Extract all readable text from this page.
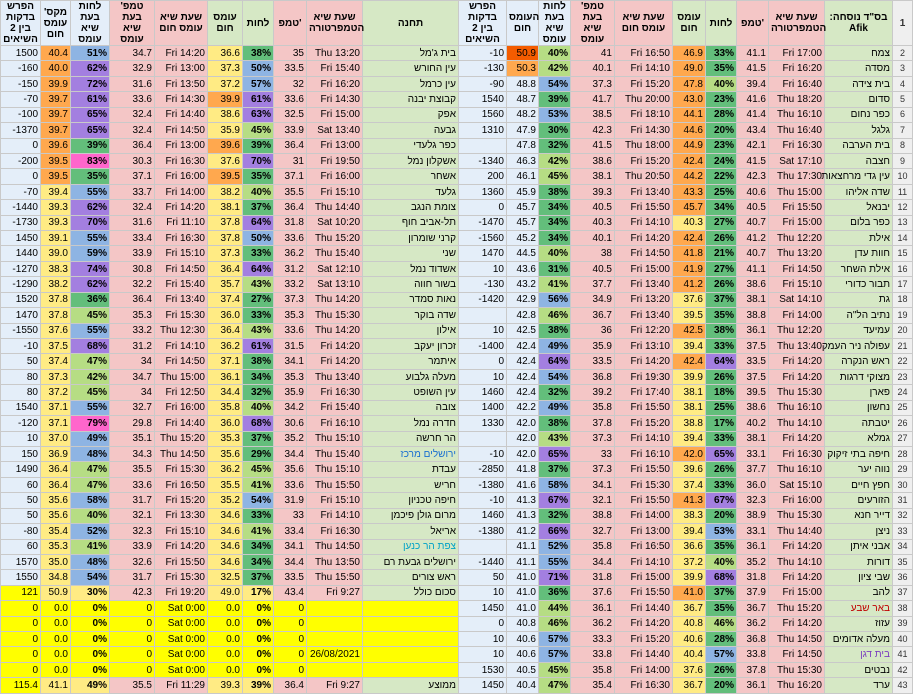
הפרש בדקות בין 2 השיאים	מקס' עומס חום	לחות בעת שיא עומס	טמפ' בעת שיא עומס	שעת שיא עומס חום	עומס חום	לחות	טמפ'	שעת שיא הטמפרטורה	תחנה	הפרש בדקות בין 2 השיאים	העומס חום	לחות בעת שיא עומס	טמפ' בעת שיא עומס	שעת שיא עומס חום	עומס חום	לחות	טמפ'	שעת שיא הטמפרטורה	בס"ד נוסחה: Afik	1
1500	40.4	51%	34.7	Fri 14:20	36.6	38%	35	Thu 13:20	בית ג'מל	-10	50.9	40%	41	Fri 16:50	46.9	33%	41.1	Fri 17:00	צמח	2
-160	40.0	62%	32.9	Fri 13:00	37.3	50%	33.5	Fri 15:40	עין החורש	-130	50.3	42%	40.1	Fri 14:10	49.0	35%	41.5	Fri 16:20	מסדה	3
-150	39.9	72%	31.6	Fri 13:50	37.2	57%	32	Fri 16:20	עין כרמל	-90	48.8	54%	37.3	Fri 15:20	47.8	40%	39.4	Fri 16:40	בית צידה	4
-70	39.7	61%	33.6	Fri 14:30	39.9	61%	33.6	Fri 14:30	קבוצת יבנה	1540	48.7	39%	41.7	Thu 20:00	43.0	23%	41.6	Thu 18:20	סדום	5
-100	39.7	65%	32.4	Fri 14:40	38.6	63%	32.5	Fri 15:00	אפק	1560	48.2	53%	38.5	Fri 18:10	44.1	28%	41.4	Thu 16:10	כפר נחום	6
-1370	39.7	65%	32.4	Fri 14:50	35.9	45%	33.9	Sat 13:40	גבעה	1310	47.9	30%	42.3	Fri 14:30	44.6	20%	43.4	Thu 16:40	גלגל	7
0	39.6	39%	36.4	Fri 13:00	39.6	39%	36.4	Fri 13:00	כפר גלעדי		47.8	32%	41.5	Thu 18:00	44.9	23%	42.1	Fri 16:30	בית הערבה	8
-200	39.5	83%	30.3	Fri 16:30	37.6	70%	31	Fri 19:50	אשקלון נמל	-1340	46.3	42%	38.6	Fri 15:20	42.4	24%	41.5	Sat 17:10	חצבה	9
0	39.5	35%	37.1	Fri 16:00	39.5	35%	37.1	Fri 16:00	אשחר	200	46.1	45%	38.1	Thu 20:50	44.2	22%	42.3	Thu 17:30	עין גדי מרחצאות	10
-70	39.4	55%	33.7	Fri 14:00	38.2	40%	35.5	Fri 15:10	גלעד	1360	45.9	38%	39.3	Fri 13:40	43.3	25%	40.6	Thu 15:00	שדה אליהו	11
-1440	39.3	62%	32.4	Fri 14:20	38.1	37%	36.4	Thu 14:40	צומת הנגב	0	45.7	34%	40.5	Fri 15:50	45.7	34%	40.5	Fri 15:50	יבנאל	12
-1730	39.3	70%	31.6	Fri 11:10	37.8	64%	31.8	Sat 10:20	תל-אביב חוף	-1470	45.7	34%	40.3	Fri 14:10	40.3	27%	40.7	Fri 15:00	כפר בלום	13
1450	39.1	55%	33.4	Fri 16:30	37.8	50%	33.6	Thu 15:20	קרני שומרון	-1560	45.2	34%	40.1	Fri 14:20	42.4	26%	41.2	Thu 12:20	אילת	14
1440	39.0	59%	33.9	Fri 15:10	37.3	33%	36.2	Thu 15:40	שני	1470	44.5	40%	38	Fri 14:50	41.8	21%	40.7	Thu 13:20	חוות עדן	15
-1270	38.3	74%	30.8	Fri 14:50	36.4	64%	31.2	Sat 12:10	אשדוד נמל	10	43.6	31%	40.5	Fri 15:00	41.9	27%	41.1	Fri 14:50	אילת השחר	16
-1290	38.2	62%	32.2	Fri 15:40	35.7	43%	33.2	Sat 13:10	בשור חווה	-130	43.2	41%	37.7	Fri 13:40	41.2	26%	38.6	Fri 15:10	תבור כדורי	17
1520	37.8	36%	36.4	Fri 13:40	37.4	27%	37.3	Thu 14:20	נאות סמדר	-1420	42.9	56%	34.9	Fri 13:20	37.6	37%	38.1	Sat 14:10	גת	18
1470	37.8	45%	35.3	Fri 15:30	36.0	33%	35.3	Thu 15:30	שדה בוקר		42.8	46%	36.7	Fri 13:40	39.5	35%	38.8	Fri 14:00	נתיב הל"ה	19
-1550	37.6	55%	33.2	Thu 12:30	36.4	43%	33.6	Thu 14:20	אילון	10	42.5	38%	36	Fri 12:20	42.5	38%	36.1	Thu 12:20	עמיעד	20
-10	37.5	68%	31.2	Fri 14:10	36.2	61%	31.5	Fri 14:20	זכרון יעקב	-1400	42.4	49%	35.9	Fri 13:10	39.4	33%	37.5	Thu 13:40	עפולה ניר העמק	21
50	37.4	47%	34	Fri 14:50	37.1	38%	34.1	Fri 14:20	איתמר	0	42.4	64%	33.5	Fri 14:20	42.4	64%	33.5	Fri 14:20	ראש הנקרה	22
80	37.3	42%	34.7	Thu 15:00	36.1	34%	35.3	Thu 13:40	מעלה גלבוע	10	42.4	54%	36.8	Fri 19:30	39.9	26%	37.5	Fri 14:20	מצוקי דרגות	23
80	37.2	45%	34	Fri 12:50	34.4	32%	35.9	Fri 16:30	עין השופט	1460	42.4	32%	39.2	Fri 17:40	38.1	18%	39.5	Thu 15:30	פארן	24
1540	37.1	55%	32.7	Fri 16:00	35.8	40%	34.2	Fri 15:40	צובה	1400	42.2	49%	35.8	Fri 15:50	38.1	25%	38.6	Thu 16:10	נחשון	25
-120	37.1	79%	29.8	Fri 14:40	36.0	68%	30.6	Fri 16:10	חדרה נמל	1330	42.0	38%	37.8	Fri 15:20	38.8	17%	40.2	Thu 14:10	יטבתה	26
10	37.0	49%	35.1	Thu 15:20	35.3	37%	35.2	Thu 15:10	הר חרשה		42.0	43%	37.3	Fri 14:10	39.4	33%	38.1	Fri 14:20	גמלא	27
150	36.9	48%	34.3	Thu 14:50	35.6	29%	34.4	Thu 15:40	ירושלים מרכז	-10	42.0	65%	33	Fri 16:10	42.0	65%	33.1	Fri 16:30	חיפה בתי זיקוק	28
1490	36.4	47%	35.5	Fri 15:30	36.2	45%	35.6	Thu 15:10	עבדת	-2850	41.8	37%	37.3	Fri 15:50	39.6	26%	37.7	Thu 16:10	נווה יער	29
60	36.4	47%	33.6	Fri 16:50	35.5	41%	33.6	Thu 15:50	חריש	-1380	41.6	58%	34.1	Fri 15:30	37.4	33%	36.0	Sat 15:10	חפץ חיים	30
50	35.6	58%	31.7	Fri 15:20	35.2	54%	31.9	Fri 15:10	חיפה טכניון	-10	41.3	67%	32.1	Fri 15:50	41.3	67%	32.3	Fri 16:00	הזורעים	31
50	35.6	40%	32.1	Fri 13:30	34.6	33%	33	Fri 14:10	מרום גולן פיכמן	1460	41.3	32%	38.8	Fri 14:00	38.3	20%	38.9	Thu 15:30	דייר חנא	32
-80	35.4	52%	32.3	Fri 15:10	34.6	41%	33.4	Fri 16:30	אריאל	-1380	41.2	66%	32.7	Fri 13:00	39.4	53%	33.1	Thu 14:40	ניצן	33
60	35.3	41%	33.9	Fri 14:20	34.6	34%	34.1	Thu 14:50	צפת הר כנען		41.1	52%	35.8	Fri 16:50	36.6	35%	36.1	Fri 14:20	אבני איתן	34
1570	35.0	48%	32.6	Fri 15:50	34.6	34%	34.4	Thu 13:50	ירושלים גבעת רם	-1440	41.1	55%	34.4	Fri 14:10	37.2	40%	35.2	Thu 14:10	דורות	35
1550	34.8	54%	31.7	Fri 15:30	32.5	37%	33.5	Thu 15:50	ראש צורים	50	41.0	71%	31.8	Fri 15:00	39.9	68%	31.8	Fri 14:20	שבי ציון	36
121	50.9	30%	42.3	Fri 19:20	49.0	17%	43.4	Fri 9:27	סכום כולל	10	41.0	36%	37.6	Fri 15:50	41.0	37%	37.9	Fri 15:00	להב	37
0	0.0	0%	0	Sat 0:00	0.0	0%	0			1450	41.0	44%	36.1	Fri 14:40	36.7	35%	36.7	Thu 15:20	באר שבע	38
0	0.0	0%	0	Sat 0:00	0.0	0%	0			0	40.8	46%	36.2	Fri 14:20	40.8	46%	36.2	Fri 14:20	עזוז	39
0	0.0	0%	0	Sat 0:00	0.0	0%	0			10	40.6	57%	33.3	Fri 15:20	40.6	28%	36.8	Thu 14:50	מעלה אדומים	40
0	0.0	0%	0	Sat 0:00	0.0	0%	0	26/08/2021		10	40.6	57%	33.8	Fri 14:40	40.4	57%	33.8	Fri 14:50	בית דגן	41
0	0.0	0%	0	Sat 0:00	0.0	0%	0			1530	40.5	45%	35.8	Fri 14:00	37.6	26%	37.8	Thu 15:30	נבטים	42
115.4	41.1	49%	35.5	Fri 11:29	39.3	39%	36.4	Fri 9:27	ממוצע	1450	40.4	47%	35.4	Fri 16:30	36.7	20%	36.1	Thu 16:20	ערד	43
